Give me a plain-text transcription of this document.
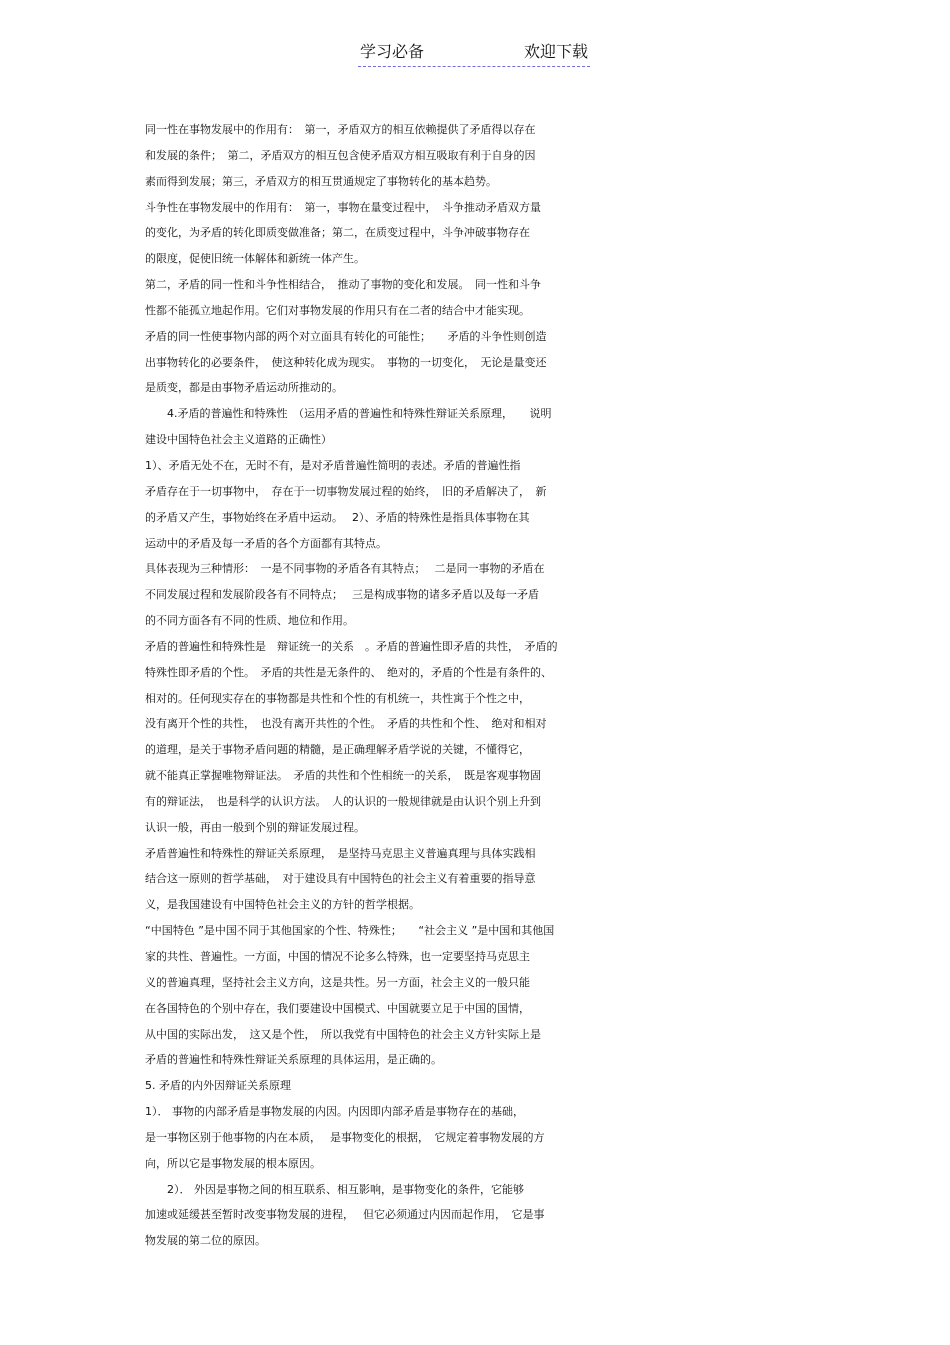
学习必备	欢迎下载
同一性在事物发展中的作用有：　第一，矛盾双方的相互依赖提供了矛盾得以存在
和发展的条件；　第二，矛盾双方的相互包含使矛盾双方相互吸取有利于自身的因
素而得到发展；第三，矛盾双方的相互贯通规定了事物转化的基本趋势。
斗争性在事物发展中的作用有：　第一，事物在量变过程中，　斗争推动矛盾双方量
的变化，为矛盾的转化即质变做准备；第二，在质变过程中，斗争冲破事物存在
的限度，促使旧统一体解体和新统一体产生。
第二，矛盾的同一性和斗争性相结合，　推动了事物的变化和发展。　同一性和斗争
性都不能孤立地起作用。它们对事物发展的作用只有在二者的结合中才能实现。
矛盾的同一性使事物内部的两个对立面具有转化的可能性；　　矛盾的斗争性则创造
出事物转化的必要条件，　使这种转化成为现实。　事物的一切变化，　无论是量变还
是质变，都是由事物矛盾运动所推动的。
　　4.矛盾的普遍性和特殊性　（运用矛盾的普遍性和特殊性辩证关系原理，　　说明
建设中国特色社会主义道路的正确性）
1）、矛盾无处不在，无时不有，是对矛盾普遍性简明的表述。矛盾的普遍性指
矛盾存在于一切事物中，　存在于一切事物发展过程的始终，　旧的矛盾解决了，　新
的矛盾又产生，事物始终在矛盾中运动。　 2）、矛盾的特殊性是指具体事物在其
运动中的矛盾及每一矛盾的各个方面都有其特点。
具体表现为三种情形：　一是不同事物的矛盾各有其特点；　 二是同一事物的矛盾在
不同发展过程和发展阶段各有不同特点；　 三是构成事物的诸多矛盾以及每一矛盾
的不同方面各有不同的性质、地位和作用。
矛盾的普遍性和特殊性是　辩证统一的关系　。矛盾的普遍性即矛盾的共性，　矛盾的
特殊性即矛盾的个性。　矛盾的共性是无条件的、　绝对的，矛盾的个性是有条件的、
相对的。任何现实存在的事物都是共性和个性的有机统一，共性寓于个性之中，
没有离开个性的共性，　也没有离开共性的个性。　矛盾的共性和个性、　绝对和相对
的道理，是关于事物矛盾问题的精髓，是正确理解矛盾学说的关键，不懂得它，
就不能真正掌握唯物辩证法。　矛盾的共性和个性相统一的关系，　既是客观事物固
有的辩证法，　也是科学的认识方法。　人的认识的一般规律就是由认识个别上升到
认识一般，再由一般到个别的辩证发展过程。
矛盾普遍性和特殊性的辩证关系原理，　是坚持马克思主义普遍真理与具体实践相
结合这一原则的哲学基础，　对于建设具有中国特色的社会主义有着重要的指导意
义，是我国建设有中国特色社会主义的方针的哲学根据。
“中国特色 ”是中国不同于其他国家的个性、特殊性；　　“社会主义 ”是中国和其他国
家的共性、普遍性。一方面，中国的情况不论多么特殊，也一定要坚持马克思主
义的普遍真理，坚持社会主义方向，这是共性。另一方面，社会主义的一般只能
在各国特色的个别中存在，我们要建设中国模式、中国就要立足于中国的国情，
从中国的实际出发，　这又是个性，　所以我党有中国特色的社会主义方针实际上是
矛盾的普遍性和特殊性辩证关系原理的具体运用，是正确的。
5. 矛盾的内外因辩证关系原理
1）． 事物的内部矛盾是事物发展的内因。内因即内部矛盾是事物存在的基础，
是一事物区别于他事物的内在本质，　 是事物变化的根据，　它规定着事物发展的方
向，所以它是事物发展的根本原因。
　　2）． 外因是事物之间的相互联系、相互影响，是事物变化的条件，它能够
加速或延缓甚至暂时改变事物发展的进程，　 但它必须通过内因而起作用，　它是事
物发展的第二位的原因。
